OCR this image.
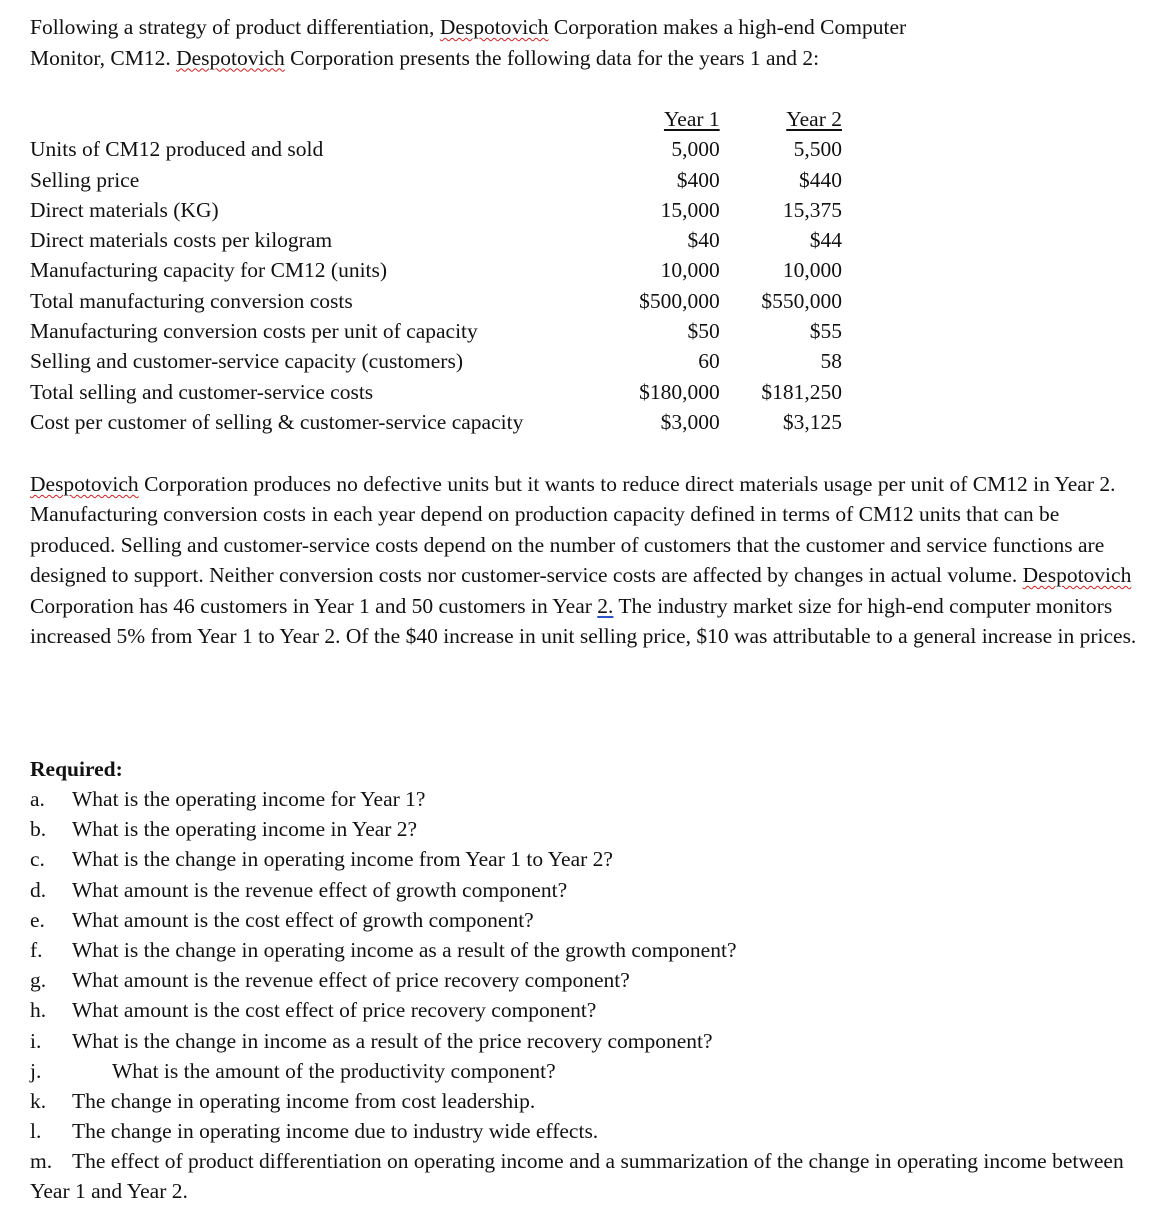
Following a strategy of product differentiation, Despotovich Corporation makes a high-end Computer
Monitor, CM12. Despotovich Corporation presents the following data for the years 1 and 2:

	Year 1	Year 2
Units of CM12 produced and sold	5,000	5,500
Selling price	$400	$440
Direct materials (KG)	15,000	15,375
Direct materials costs per kilogram	$40	$44
Manufacturing capacity for CM12 (units)	10,000	10,000
Total manufacturing conversion costs	$500,000	$550,000
Manufacturing conversion costs per unit of capacity	$50	$55
Selling and customer-service capacity (customers)	60	58
Total selling and customer-service costs	$180,000	$181,250
Cost per customer of selling & customer-service capacity	$3,000	$3,125

Despotovich Corporation produces no defective units but it wants to reduce direct materials usage per unit of CM12 in Year 2. Manufacturing conversion costs in each year depend on production capacity defined in terms of CM12 units that can be produced. Selling and customer-service costs depend on the number of customers that the customer and service functions are designed to support. Neither conversion costs nor customer-service costs are affected by changes in actual volume. Despotovich Corporation has 46 customers in Year 1 and 50 customers in Year 2. The industry market size for high-end computer monitors increased 5% from Year 1 to Year 2. Of the $40 increase in unit selling price, $10 was attributable to a general increase in prices.

Required:

a. What is the operating income for Year 1?
b. What is the operating income in Year 2?
c. What is the change in operating income from Year 1 to Year 2?
d. What amount is the revenue effect of growth component?
e. What amount is the cost effect of growth component?
f. What is the change in operating income as a result of the growth component?
g. What amount is the revenue effect of price recovery component?
h. What amount is the cost effect of price recovery component?
i. What is the change in income as a result of the price recovery component?
j.	What is the amount of the productivity component?
k. The change in operating income from cost leadership.
l. The change in operating income due to industry wide effects.
m. The effect of product differentiation on operating income and a summarization of the change in operating income between Year 1 and Year 2.
